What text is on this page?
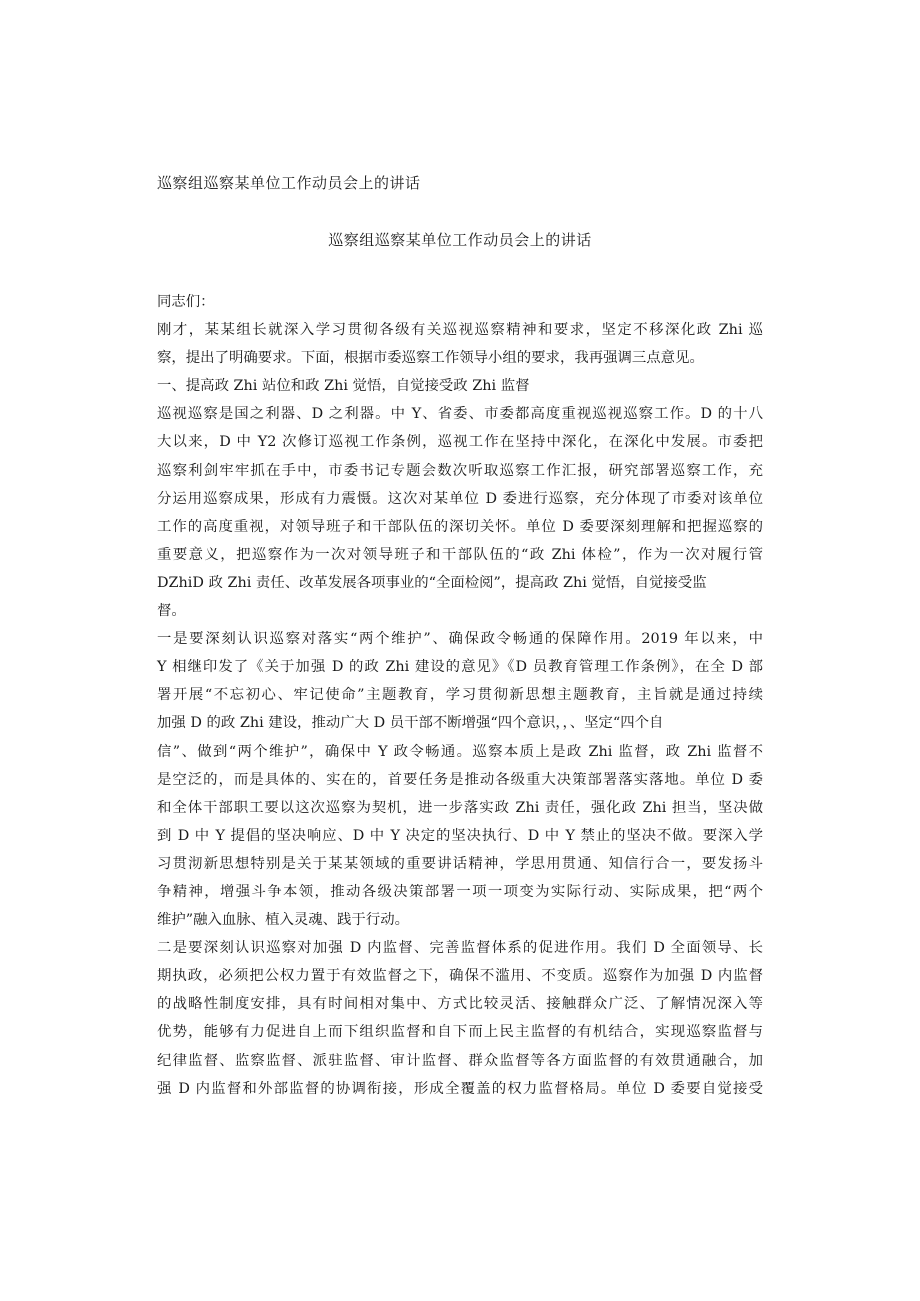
巡察组巡察某单位工作动员会上的讲话
巡察组巡察某单位工作动员会上的讲话
同志们：
刚才，某某组长就深入学习贯彻各级有关巡视巡察精神和要求，坚定不移深化政 Zhi 巡
察，提出了明确要求。下面，根据市委巡察工作领导小组的要求，我再强调三点意见。
一、提高政 Zhi 站位和政 Zhi 觉悟，自觉接受政 Zhi 监督
巡视巡察是国之利器、D 之利器。中 Y、省委、市委都高度重视巡视巡察工作。D 的十八
大以来，D 中 Y2 次修订巡视工作条例，巡视工作在坚持中深化，在深化中发展。市委把
巡察利剑牢牢抓在手中，市委书记专题会数次听取巡察工作汇报，研究部署巡察工作，充
分运用巡察成果，形成有力震慑。这次对某单位 D 委进行巡察，充分体现了市委对该单位
工作的高度重视，对领导班子和干部队伍的深切关怀。单位 D 委要深刻理解和把握巡察的
重要意义，把巡察作为一次对领导班子和干部队伍的“政 Zhi 体检”，作为一次对履行管
DZhiD 政 Zhi 责任、改革发展各项事业的“全面检阅”，提高政 Zhi 觉悟，自觉接受监
督。
一是要深刻认识巡察对落实“两个维护”、确保政令畅通的保障作用。2019 年以来，中
Y 相继印发了《关于加强 D 的政 Zhi 建设的意见》《D 员教育管理工作条例》，在全 D 部
署开展“不忘初心、牢记使命”主题教育，学习贯彻新思想主题教育，主旨就是通过持续
加强 D 的政 Zhi 建设，推动广大 D 员干部不断增强“四个意识，，、坚定“四个自
信”、做到“两个维护”，确保中 Y 政令畅通。巡察本质上是政 Zhi 监督，政 Zhi 监督不
是空泛的，而是具体的、实在的，首要任务是推动各级重大决策部署落实落地。单位 D 委
和全体干部职工要以这次巡察为契机，进一步落实政 Zhi 责任，强化政 Zhi 担当，坚决做
到 D 中 Y 提倡的坚决响应、D 中 Y 决定的坚决执行、D 中 Y 禁止的坚决不做。要深入学
习贯沏新思想特别是关于某某领域的重要讲话精神，学思用贯通、知信行合一，要发扬斗
争精神，增强斗争本领，推动各级决策部署一项一项变为实际行动、实际成果，把“两个
维护”融入血脉、植入灵魂、践于行动。
二是要深刻认识巡察对加强 D 内监督、完善监督体系的促进作用。我们 D 全面领导、长
期执政，必须把公权力置于有效监督之下，确保不滥用、不变质。巡察作为加强 D 内监督
的战略性制度安排，具有时间相对集中、方式比较灵活、接触群众广泛、了解情况深入等
优势，能够有力促进自上而下组织监督和自下而上民主监督的有机结合，实现巡察监督与
纪律监督、监察监督、派驻监督、审计监督、群众监督等各方面监督的有效贯通融合，加
强 D 内监督和外部监督的协调衔接，形成全覆盖的权力监督格局。单位 D 委要自觉接受
